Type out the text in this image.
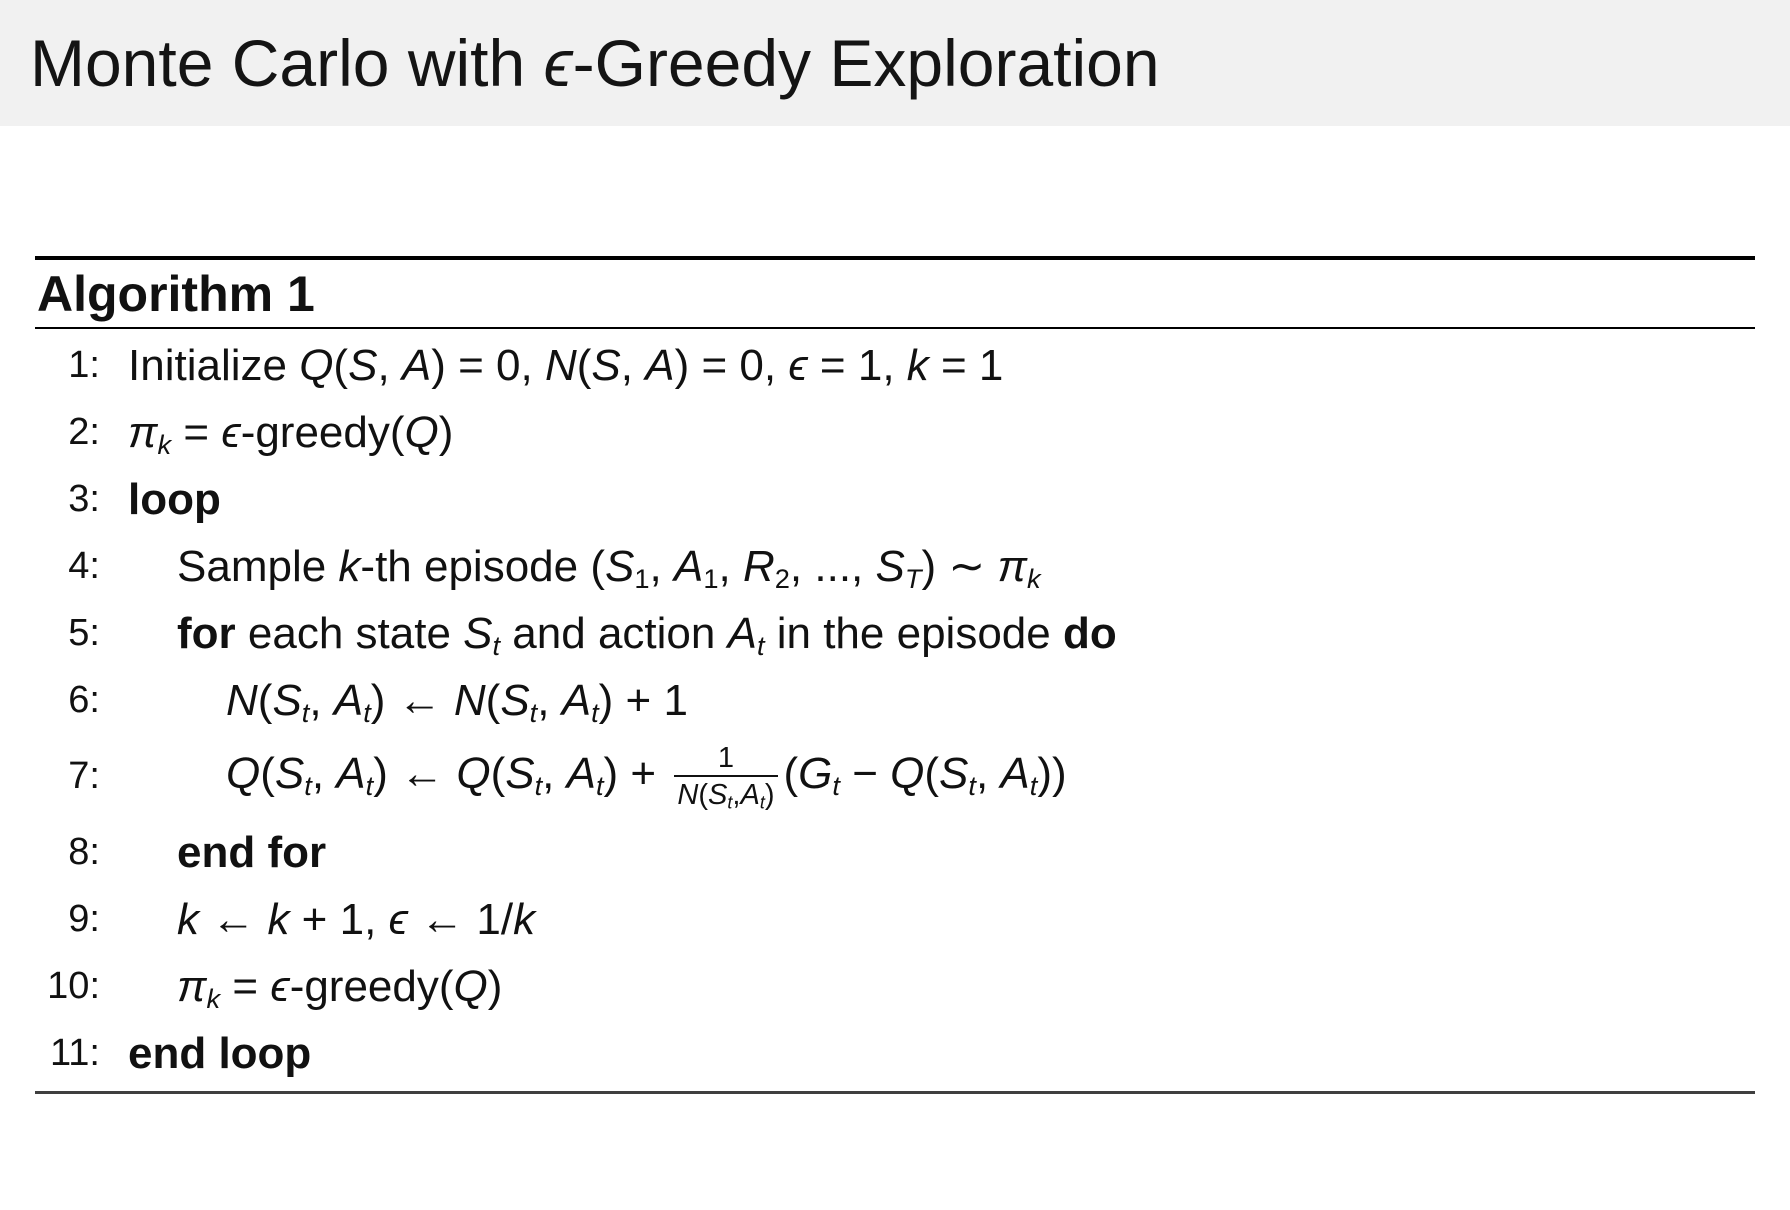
Monte Carlo with ϵ-Greedy Exploration
Algorithm 1
1: Initialize Q(S, A) = 0, N(S, A) = 0, ϵ = 1, k = 1
2: $\pi_k$ = ϵ-greedy(Q)
3: loop
4:	Sample k-th episode ($S_1$, $A_1$, $R_2$, ..., $S_T$) ∼ $\pi_k$
5:	for each state $S_t$ and action $A_t$ in the episode do
6:	$N(S_t$, $A_t$) ← $N(S_t$, $A_t) + 1$
7:	$Q(S_t$, $A_t$) ← $Q(S_t$, $A_t) + \frac{1}{N(S_t,A_t)} (G_t - Q(S_t$, $A_t$))
8:	end for
9:	k ← k + 1, ϵ ← 1/k
10:	$\pi_k$ = ϵ-greedy(Q)
11: end loop
